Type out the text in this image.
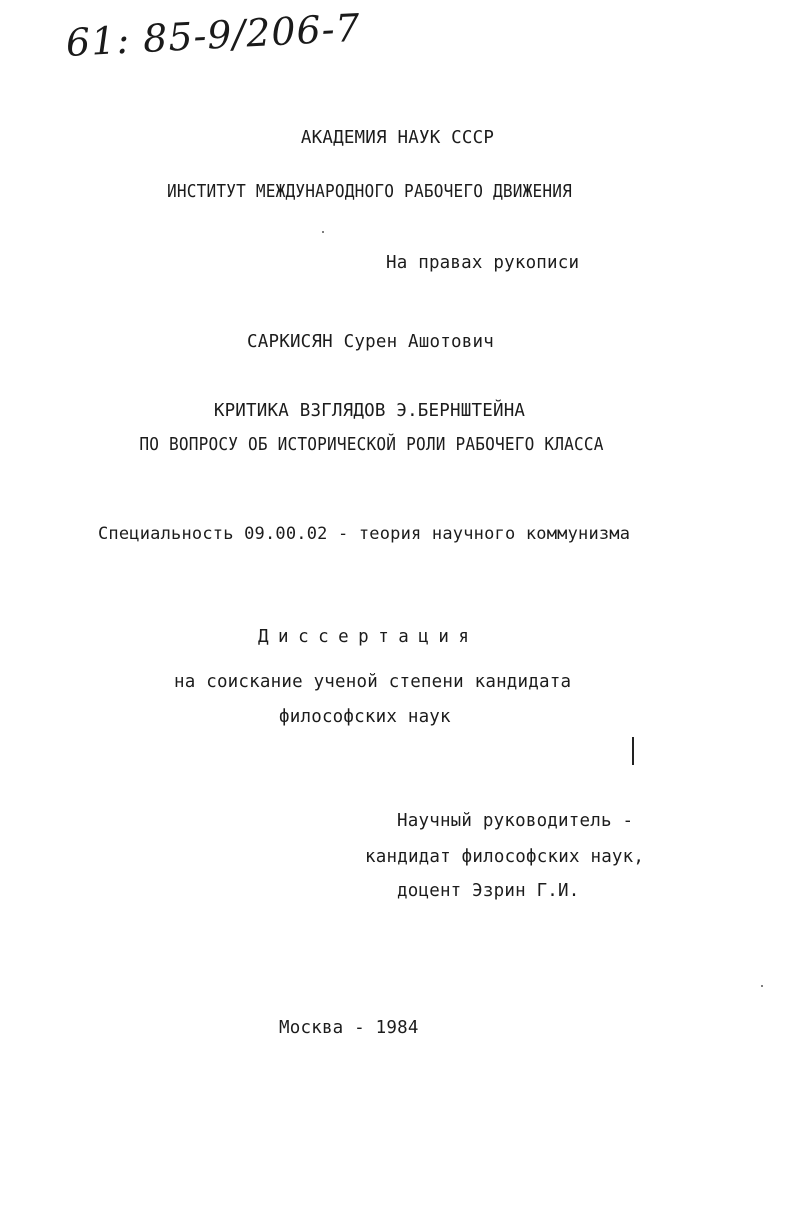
61: 85-9/206-7
АКАДЕМИЯ НАУК СССР
ИНСТИТУТ МЕЖДУНАРОДНОГО РАБОЧЕГО ДВИЖЕНИЯ
На правах рукописи
САРКИСЯН Сурен Ашотович
КРИТИКА ВЗГЛЯДОВ Э.БЕРНШТЕЙНА
ПО ВОПРОСУ ОБ ИСТОРИЧЕСКОЙ РОЛИ РАБОЧЕГО КЛАССА
Специальность 09.00.02 - теория научного коммунизма
Диссертация
на соискание ученой степени кандидата
философских наук
Научный руководитель -
кандидат философских наук,
доцент Эзрин Г.И.
Москва - 1984
